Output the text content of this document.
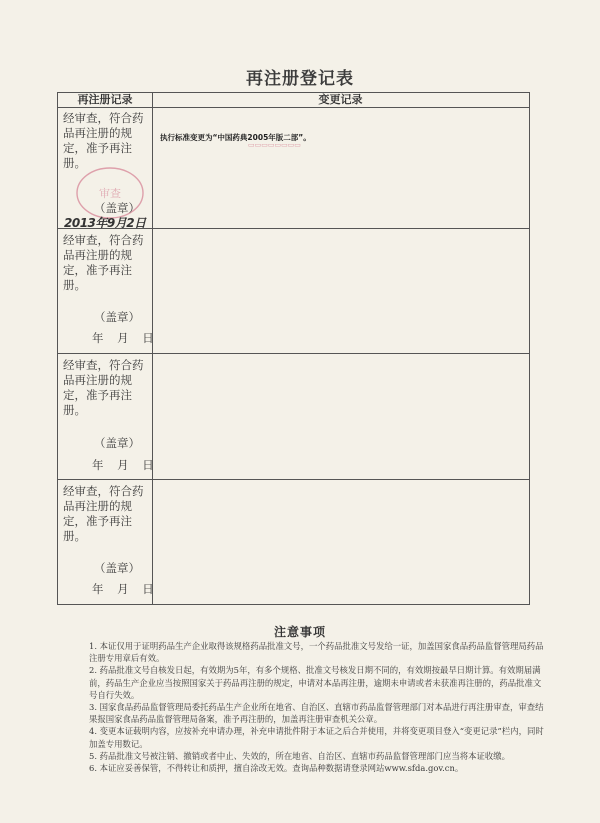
再注册登记表
再注册记录	变更记录
经审查，符合药品再注册的规定，准予再注册。
审查
（盖章）
2013年9月2日
执行标准变更为“中国药典2005年版二部”。
▭▭▭▭▭▭▭▭
经审查，符合药品再注册的规定，准予再注册。
（盖章）
年 月 日
经审查，符合药品再注册的规定，准予再注册。
（盖章）
年 月 日
经审查，符合药品再注册的规定，准予再注册。
（盖章）
年 月 日
注意事项
1. 本证仅用于证明药品生产企业取得该规格药品批准文号，一个药品批准文号发给一证，加盖国家食品药品监督管理局药品注册专用章后有效。
2. 药品批准文号自核发日起，有效期为5年，有多个规格、批准文号核发日期不同的，有效期按最早日期计算。有效期届满前，药品生产企业应当按照国家关于药品再注册的规定，申请对本品再注册，逾期未申请或者未获准再注册的，药品批准文号自行失效。
3. 国家食品药品监督管理局委托药品生产企业所在地省、自治区、直辖市药品监督管理部门对本品进行再注册审查，审查结果报国家食品药品监督管理局备案，准予再注册的，加盖再注册审查机关公章。
4. 变更本证载明内容，应按补充申请办理，补充申请批件附于本证之后合并使用，并将变更项目登入“变更记录”栏内，同时加盖专用数记。
5. 药品批准文号被注销、撤销或者中止、失效的，所在地省、自治区、直辖市药品监督管理部门应当将本证收缴。
6. 本证应妥善保管，不得转让和质押，擅自涂改无效。查询品种数据请登录网站www.sfda.gov.cn。
